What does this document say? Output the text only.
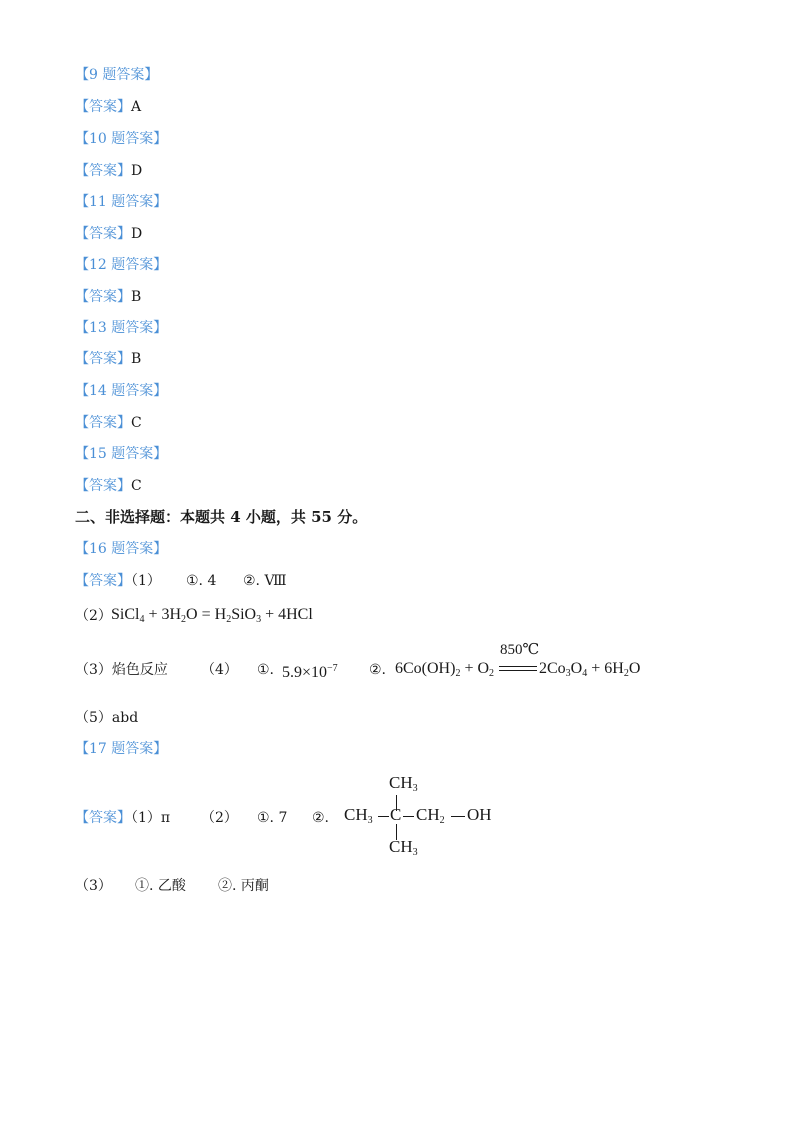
【9 题答案】
【答案】A
【10 题答案】
【答案】D
【11 题答案】
【答案】D
【12 题答案】
【答案】B
【13 题答案】
【答案】B
【14 题答案】
【答案】C
【15 题答案】
【答案】C
二、非选择题：本题共 4 小题，共 55 分。
【16 题答案】
【答案】（1） ①. 4 ②. Ⅷ
（2） SiCl$_4$ + $3H_2O = H_2SiO_3 + 4HCl$
（3）焰色反应 （4） ①. $5.9\times 10^{-7}$ ②. $6Co(OH)_2 + O_2$
850℃
$2Co_3O_4 + 6H_2O$
（5）abd
【17 题答案】
【答案】（1）π （2） ①. 7 ②.
$CH_3$
$CH_3$ C $CH_2$ OH
$CH_3$
（3） ①. 乙酸 ②. 丙酮
